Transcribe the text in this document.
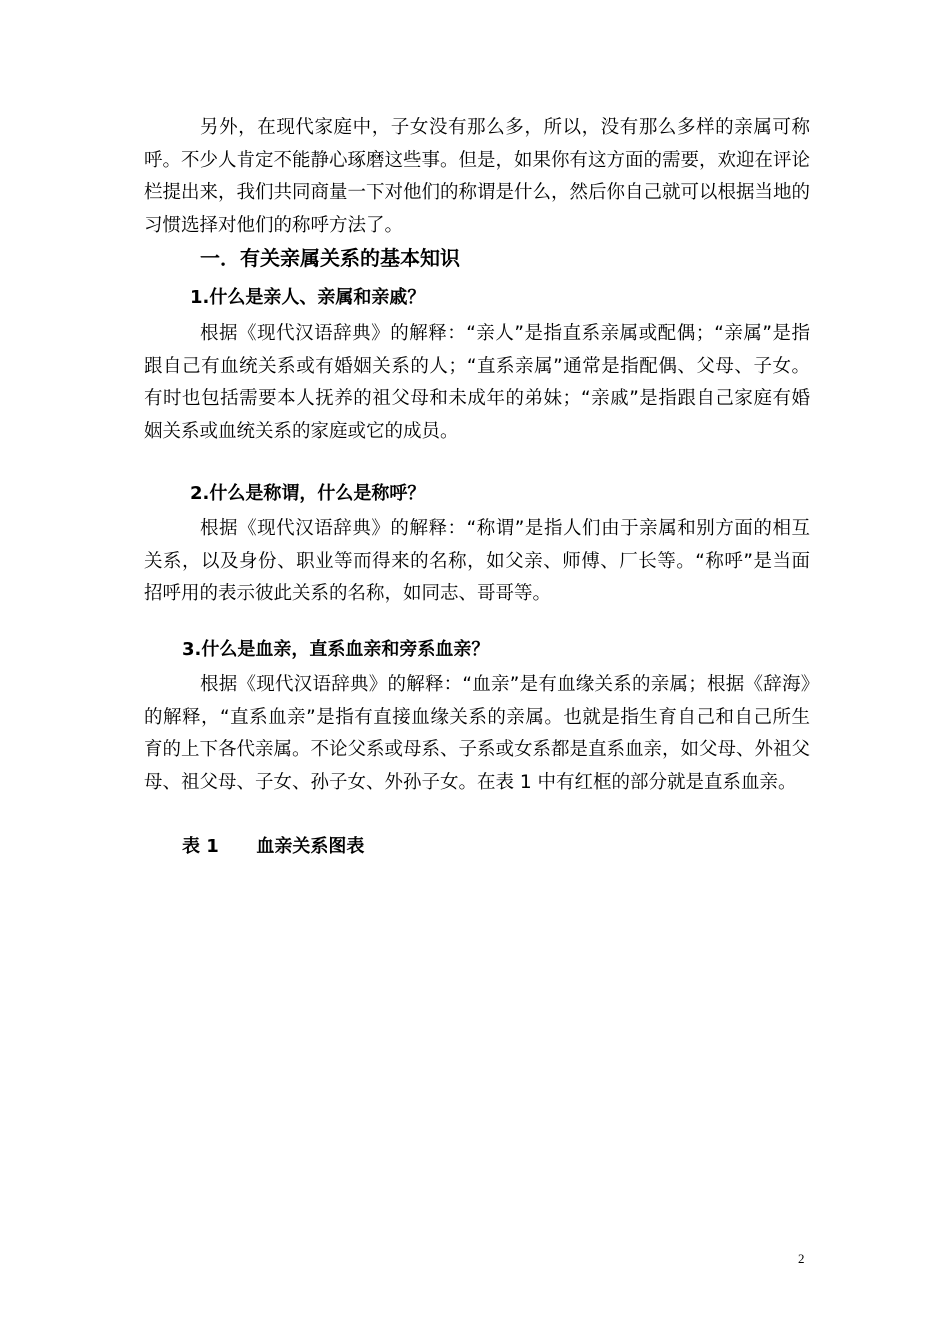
另外，在现代家庭中，子女没有那么多，所以，没有那么多样的亲属可称呼。不少人肯定不能静心琢磨这些事。但是，如果你有这方面的需要，欢迎在评论栏提出来，我们共同商量一下对他们的称谓是什么，然后你自己就可以根据当地的习惯选择对他们的称呼方法了。

一．有关亲属关系的基本知识
1.什么是亲人、亲属和亲戚？

根据《现代汉语辞典》的解释：“亲人”是指直系亲属或配偶；“亲属”是指跟自己有血统关系或有婚姻关系的人；“直系亲属”通常是指配偶、父母、子女。有时也包括需要本人抚养的祖父母和未成年的弟妹；“亲戚”是指跟自己家庭有婚姻关系或血统关系的家庭或它的成员。

2.什么是称谓，什么是称呼？

根据《现代汉语辞典》的解释：“称谓”是指人们由于亲属和别方面的相互关系，以及身份、职业等而得来的名称，如父亲、师傅、厂长等。“称呼”是当面招呼用的表示彼此关系的名称，如同志、哥哥等。

3.什么是血亲，直系血亲和旁系血亲？

根据《现代汉语辞典》的解释：“血亲”是有血缘关系的亲属；根据《辞海》的解释，“直系血亲”是指有直接血缘关系的亲属。也就是指生育自己和自己所生育的上下各代亲属。不论父系或母系、子系或女系都是直系血亲，如父母、外祖父母、祖父母、子女、孙子女、外孙子女。在表 1 中有红框的部分就是直系血亲。

表 1      血亲关系图表

2
